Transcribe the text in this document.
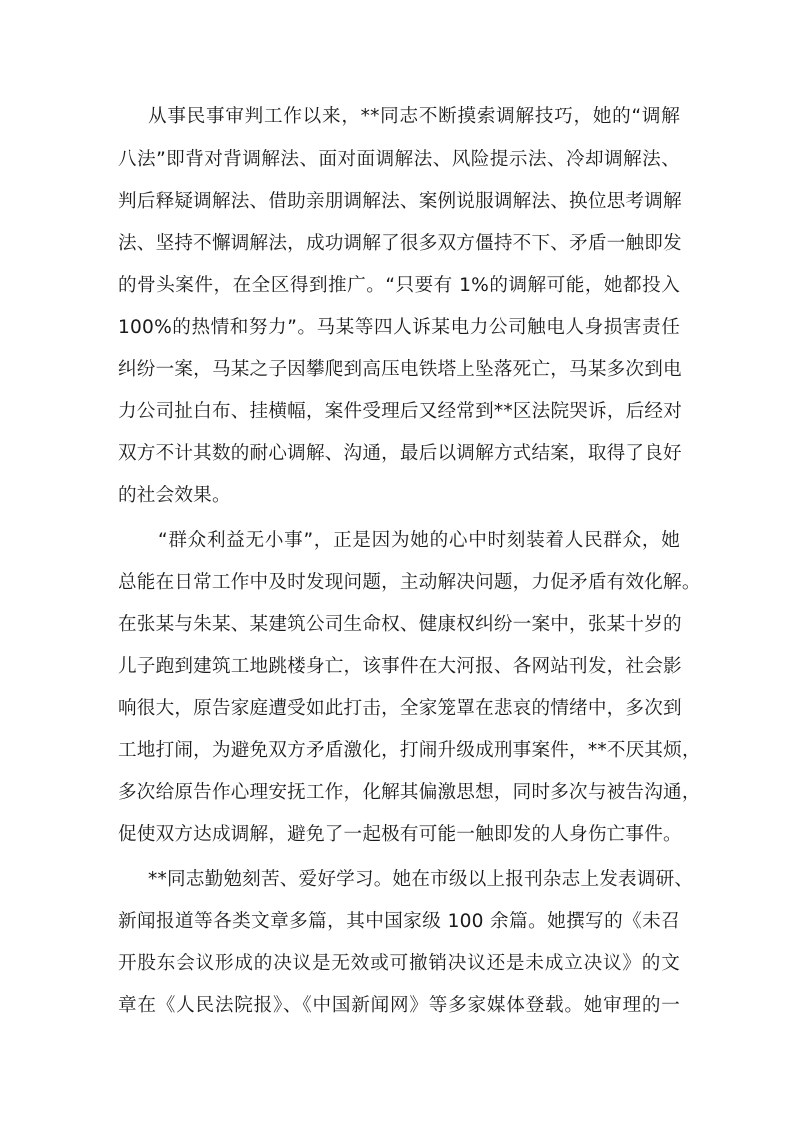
从事民事审判工作以来，**同志不断摸索调解技巧，她的“调解
八法”即背对背调解法、面对面调解法、风险提示法、冷却调解法、
判后释疑调解法、借助亲朋调解法、案例说服调解法、换位思考调解
法、坚持不懈调解法，成功调解了很多双方僵持不下、矛盾一触即发
的骨头案件，在全区得到推广。“只要有 1%的调解可能，她都投入
100%的热情和努力”。马某等四人诉某电力公司触电人身损害责任
纠纷一案，马某之子因攀爬到高压电铁塔上坠落死亡，马某多次到电
力公司扯白布、挂横幅，案件受理后又经常到**区法院哭诉，后经对
双方不计其数的耐心调解、沟通，最后以调解方式结案，取得了良好
的社会效果。
“群众利益无小事”，正是因为她的心中时刻装着人民群众，她
总能在日常工作中及时发现问题，主动解决问题，力促矛盾有效化解。
在张某与朱某、某建筑公司生命权、健康权纠纷一案中，张某十岁的
儿子跑到建筑工地跳楼身亡，该事件在大河报、各网站刊发，社会影
响很大，原告家庭遭受如此打击，全家笼罩在悲哀的情绪中，多次到
工地打闹，为避免双方矛盾激化，打闹升级成刑事案件，**不厌其烦，
多次给原告作心理安抚工作，化解其偏激思想，同时多次与被告沟通，
促使双方达成调解，避免了一起极有可能一触即发的人身伤亡事件。
**同志勤勉刻苦、爱好学习。她在市级以上报刊杂志上发表调研、
新闻报道等各类文章多篇，其中国家级 100 余篇。她撰写的《未召
开股东会议形成的决议是无效或可撤销决议还是未成立决议》的文
章在《人民法院报》、《中国新闻网》等多家媒体登载。她审理的一
